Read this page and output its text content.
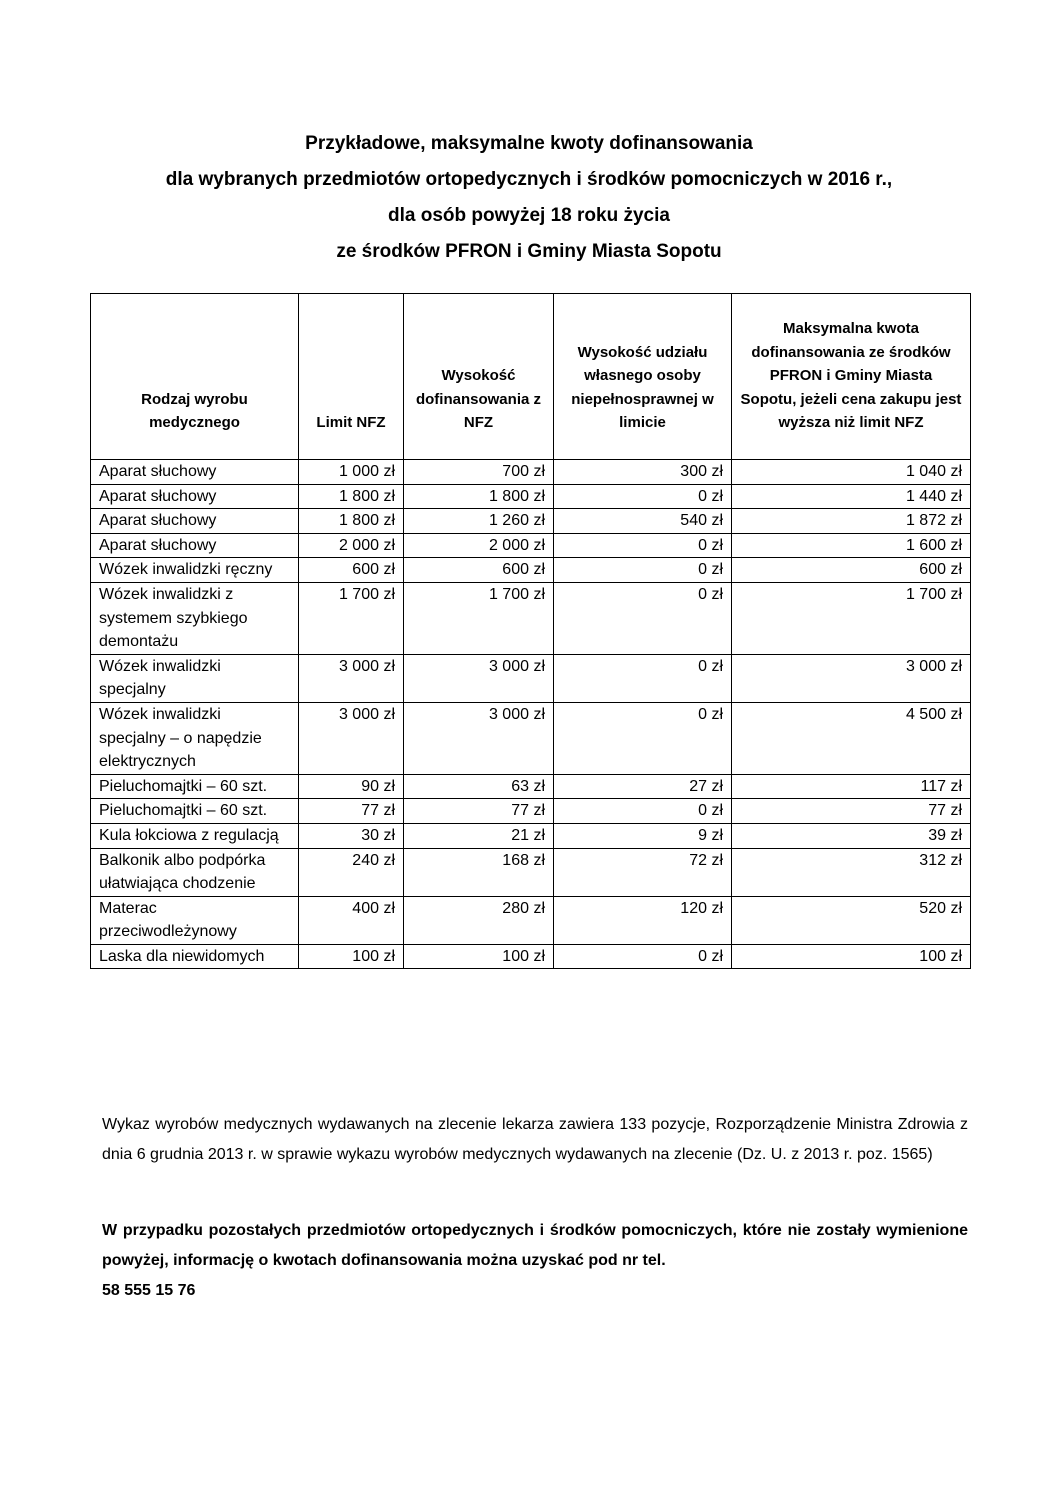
Przykładowe, maksymalne kwoty dofinansowania
dla wybranych przedmiotów ortopedycznych i środków pomocniczych w 2016 r.,
dla osób powyżej 18 roku życia
ze środków PFRON i Gminy Miasta Sopotu
Rodzaj wyrobu medycznego	Limit NFZ	Wysokość dofinansowania z NFZ	Wysokość udziału własnego osoby niepełnosprawnej w limicie	Maksymalna kwota dofinansowania ze środków PFRON i Gminy Miasta Sopotu, jeżeli cena zakupu jest wyższa niż limit NFZ
Aparat słuchowy	1 000 zł	700 zł	300 zł	1 040 zł
Aparat słuchowy	1 800 zł	1 800 zł	0 zł	1 440 zł
Aparat słuchowy	1 800 zł	1 260 zł	540 zł	1 872 zł
Aparat słuchowy	2 000 zł	2 000 zł	0 zł	1 600 zł
Wózek inwalidzki ręczny	600 zł	600 zł	0 zł	600 zł
Wózek inwalidzki z systemem szybkiego demontażu	1 700 zł	1 700 zł	0 zł	1 700 zł
Wózek inwalidzki specjalny	3 000 zł	3 000 zł	0 zł	3 000 zł
Wózek inwalidzki specjalny – o napędzie elektrycznych	3 000 zł	3 000 zł	0 zł	4 500 zł
Pieluchomajtki – 60 szt.	90 zł	63 zł	27 zł	117 zł
Pieluchomajtki – 60 szt.	77 zł	77 zł	0 zł	77 zł
Kula łokciowa z regulacją	30 zł	21 zł	9 zł	39 zł
Balkonik albo podpórka ułatwiająca chodzenie	240 zł	168 zł	72 zł	312 zł
Materac przeciwodleżynowy	400 zł	280 zł	120 zł	520 zł
Laska dla niewidomych	100 zł	100 zł	0 zł	100 zł

Wykaz wyrobów medycznych wydawanych na zlecenie lekarza zawiera 133 pozycje, Rozporządzenie Ministra Zdrowia z dnia 6 grudnia 2013 r. w sprawie wykazu wyrobów medycznych wydawanych na zlecenie (Dz. U. z 2013 r. poz. 1565)

W przypadku pozostałych przedmiotów ortopedycznych i środków pomocniczych, które nie zostały wymienione powyżej, informację o kwotach dofinansowania można uzyskać pod nr tel.
58 555 15 76
